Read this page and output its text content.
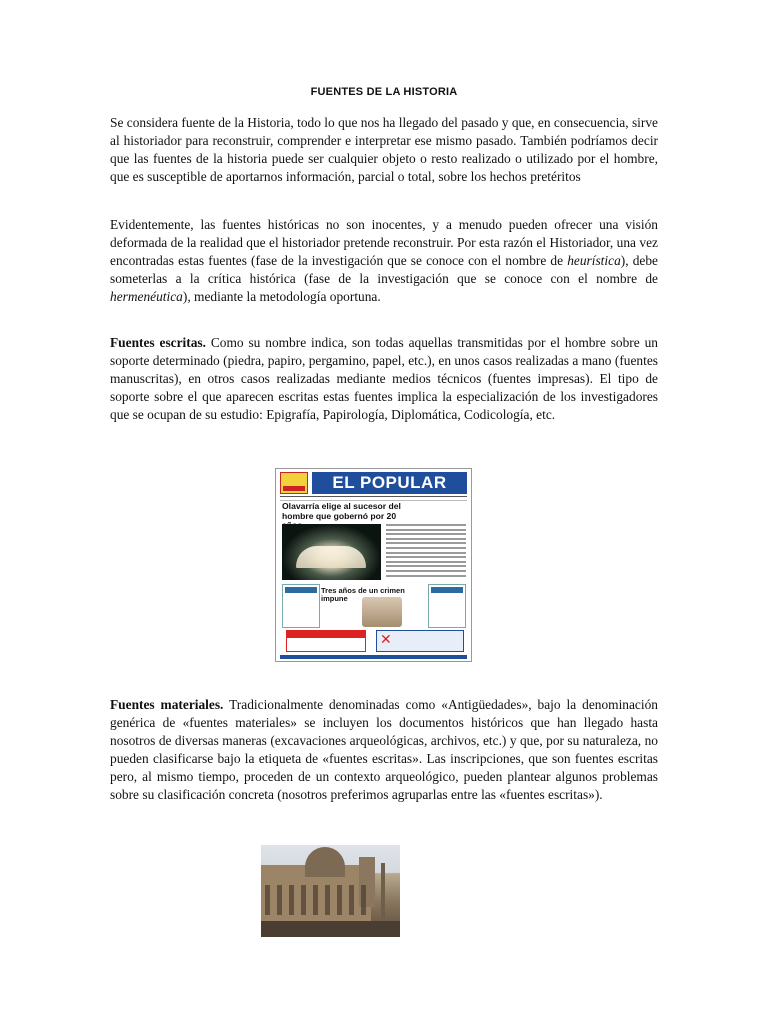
FUENTES DE LA HISTORIA

Se considera fuente de la Historia, todo lo que nos ha llegado del pasado y que, en consecuencia, sirve al historiador para reconstruir, comprender e interpretar ese mismo pasado. También podríamos decir que las fuentes de la historia puede ser cualquier objeto o resto realizado o utilizado por el hombre, que es susceptible de aportarnos información, parcial o total, sobre los hechos pretéritos

Evidentemente, las fuentes históricas no son inocentes, y a menudo pueden ofrecer una visión deformada de la realidad que el historiador pretende reconstruir. Por esta razón el Historiador, una vez encontradas estas fuentes (fase de la investigación que se conoce con el nombre de heurística), debe someterlas a la crítica histórica (fase de la investigación que se conoce con el nombre de hermenéutica), mediante la metodología oportuna.

Fuentes escritas. Como su nombre indica, son todas aquellas transmitidas por el hombre sobre un soporte determinado (piedra, papiro, pergamino, papel, etc.), en unos casos realizadas a mano (fuentes manuscritas), en otros casos realizadas mediante medios técnicos (fuentes impresas). El tipo de soporte sobre el que aparecen escritas estas fuentes implica la especialización de los investigadores que se ocupan de su estudio: Epigrafía, Papirología, Diplomática, Codicología, etc.

EL POPULAR
Olavarría elige al sucesor del hombre que gobernó por 20
Tres años de un crimen impune
✕

Fuentes materiales. Tradicionalmente denominadas como «Antigüedades», bajo la denominación genérica de «fuentes materiales» se incluyen los documentos históricos que han llegado hasta nosotros de diversas maneras (excavaciones arqueológicas, archivos, etc.) y que, por su naturaleza, no pueden clasificarse bajo la etiqueta de «fuentes escritas». Las inscripciones, que son fuentes escritas pero, al mismo tiempo, proceden de un contexto arqueológico, pueden plantear algunos problemas sobre su clasificación concreta (nosotros preferimos agruparlas entre las «fuentes escritas»).
